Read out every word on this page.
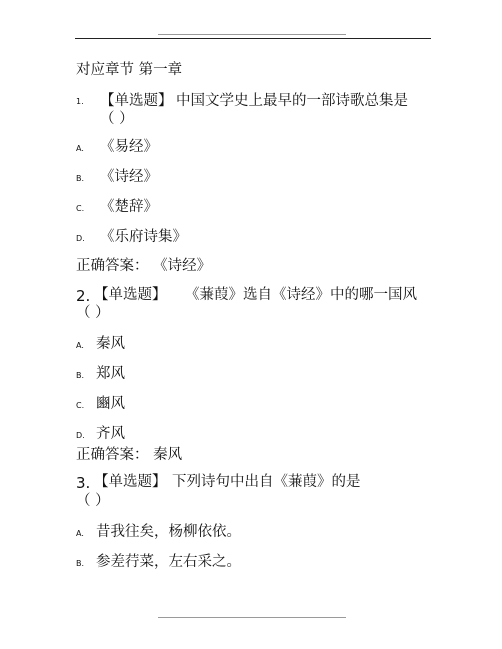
对应章节 第一章
1. 【单选题】 中国文学史上最早的一部诗歌总集是
（ ）
A. 《易经》
B. 《诗经》
C. 《楚辞》
D. 《乐府诗集》
正确答案： 《诗经》
2. 【单选题】 《蒹葭》选自《诗经》中的哪一国风
（ ）
A. 秦风
B. 郑风
C. 豳风
D. 齐风
正确答案： 秦风
3. 【单选题】 下列诗句中出自《蒹葭》的是
（ ）
A. 昔我往矣，杨柳依依。
B. 参差荇菜，左右采之。
